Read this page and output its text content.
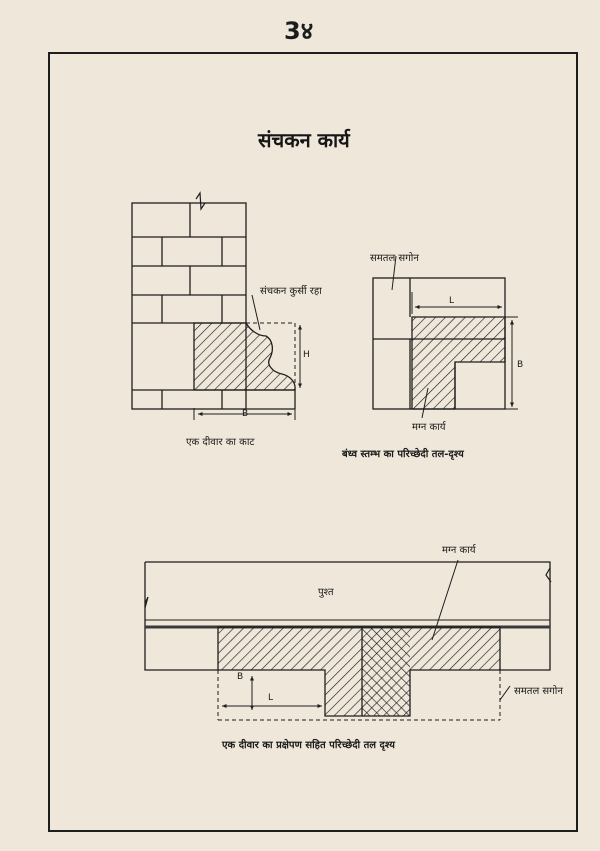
3४
संचकन कार्य
संचकन कुर्सी रहा
H
B
एक दीवार का काट
समतल सगोन
L
B
मग्न कार्य
बंध्व स्तम्भ का परिच्छेदी तल-दृश्य
मग्न कार्य
पुश्त
B
L
समतल सगोन
एक दीवार का प्रक्षेपण सहित परिच्छेदी तल दृश्य
